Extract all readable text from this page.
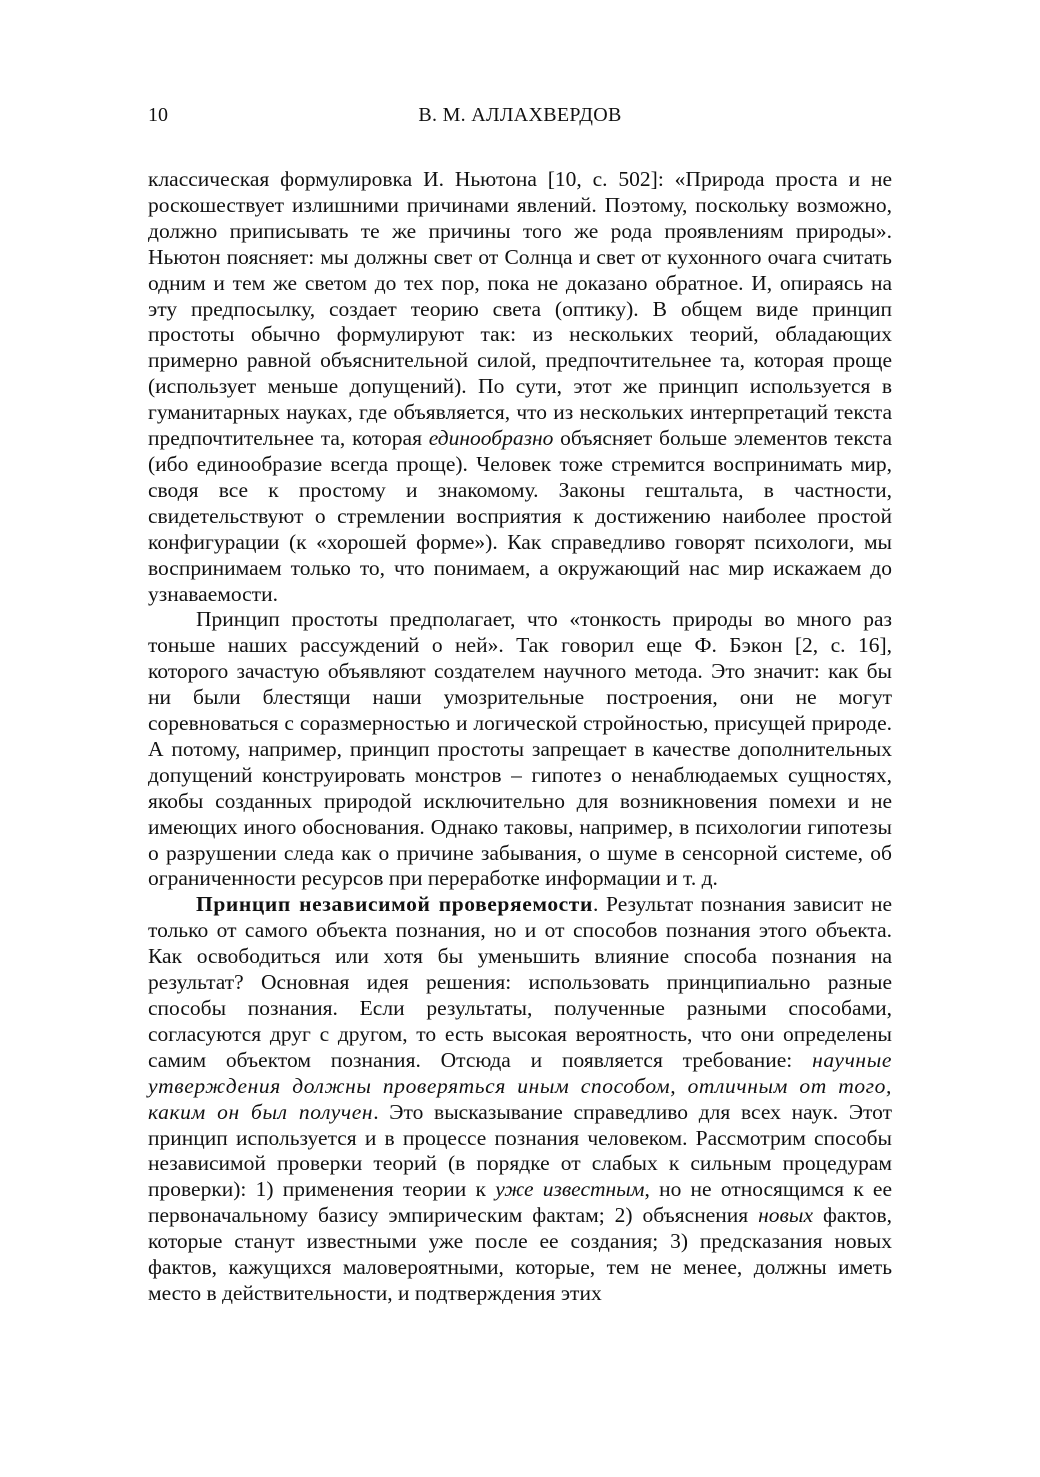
10	В. М. АЛЛАХВЕРДОВ

классическая формулировка И. Ньютона [10, с. 502]: «Природа проста и не роскошествует излишними причинами явлений. Поэтому, поскольку возможно, должно приписывать те же причины того же рода проявлениям природы». Ньютон поясняет: мы должны свет от Солнца и свет от кухонного очага считать одним и тем же светом до тех пор, пока не доказано обратное. И, опираясь на эту предпосылку, создает теорию света (оптику). В общем виде принцип простоты обычно формулируют так: из нескольких теорий, обладающих примерно равной объяснительной силой, предпочтительнее та, которая проще (использует меньше допущений). По сути, этот же принцип используется в гуманитарных науках, где объявляется, что из нескольких интерпретаций текста предпочтительнее та, которая единообразно объясняет больше элементов текста (ибо единообразие всегда проще). Человек тоже стремится воспринимать мир, сводя все к простому и знакомому. Законы гештальта, в частности, свидетельствуют о стремлении восприятия к достижению наиболее простой конфигурации (к «хорошей форме»). Как справедливо говорят психологи, мы воспринимаем только то, что понимаем, а окружающий нас мир искажаем до узнаваемости.

Принцип простоты предполагает, что «тонкость природы во много раз тоньше наших рассуждений о ней». Так говорил еще Ф. Бэкон [2, с. 16], которого зачастую объявляют создателем научного метода. Это значит: как бы ни были блестящи наши умозрительные построения, они не могут соревноваться с соразмерностью и логической стройностью, присущей природе. А потому, например, принцип простоты запрещает в качестве дополнительных допущений конструировать монстров – гипотез о ненаблюдаемых сущностях, якобы созданных природой исключительно для возникновения помехи и не имеющих иного обоснования. Однако таковы, например, в психологии гипотезы о разрушении следа как о причине забывания, о шуме в сенсорной системе, об ограниченности ресурсов при переработке информации и т. д.

Принцип независимой проверяемости. Результат познания зависит не только от самого объекта познания, но и от способов познания этого объекта. Как освободиться или хотя бы уменьшить влияние способа познания на результат? Основная идея решения: использовать принципиально разные способы познания. Если результаты, полученные разными способами, согласуются друг с другом, то есть высокая вероятность, что они определены самим объектом познания. Отсюда и появляется требование: научные утверждения должны проверяться иным способом, отличным от того, каким он был получен. Это высказывание справедливо для всех наук. Этот принцип используется и в процессе познания человеком. Рассмотрим способы независимой проверки теорий (в порядке от слабых к сильным процедурам проверки): 1) применения теории к уже известным, но не относящимся к ее первоначальному базису эмпирическим фактам; 2) объяснения новых фактов, которые станут известными уже после ее создания; 3) предсказания новых фактов, кажущихся маловероятными, которые, тем не менее, должны иметь место в действительности, и подтверждения этих
